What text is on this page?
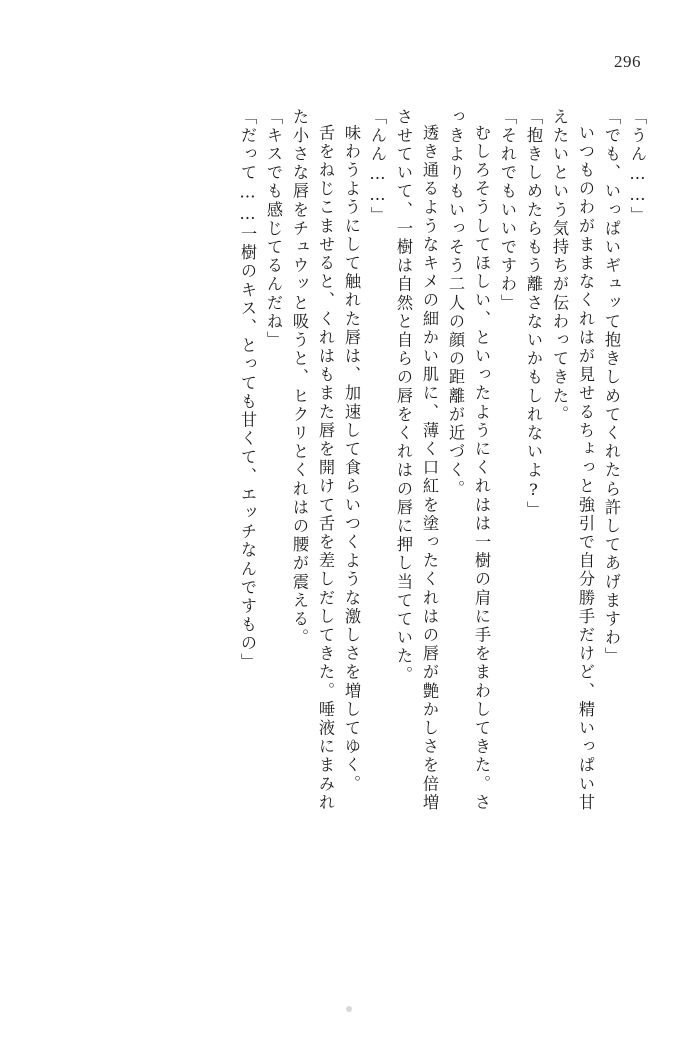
296
「うん……」
「でも、いっぱいギュッて抱きしめてくれたら許してあげますわ」
いつものわがままなくれはが見せるちょっと強引で自分勝手だけど、精いっぱい甘
えたいという気持ちが伝わってきた。
「抱きしめたらもう離さないかもしれないよ?」
「それでもいいですわ」
むしろそうしてほしい、といったようにくれはは一樹の肩に手をまわしてきた。さ
っきよりもいっそう二人の顔の距離が近づく。
透き通るようなキメの細かい肌に、薄く口紅を塗ったくれはの唇が艶かしさを倍増
させていて、一樹は自然と自らの唇をくれはの唇に押し当てていた。
「んん……」
味わうようにして触れた唇は、加速して食らいつくような激しさを増してゆく。
舌をねじこませると、くれはもまた唇を開けて舌を差しだしてきた。唾液にまみれ
た小さな唇をチュウッと吸うと、ヒクリとくれはの腰が震える。
「キスでも感じてるんだね」
「だって……一樹のキス、とっても甘くて、エッチなんですもの」
